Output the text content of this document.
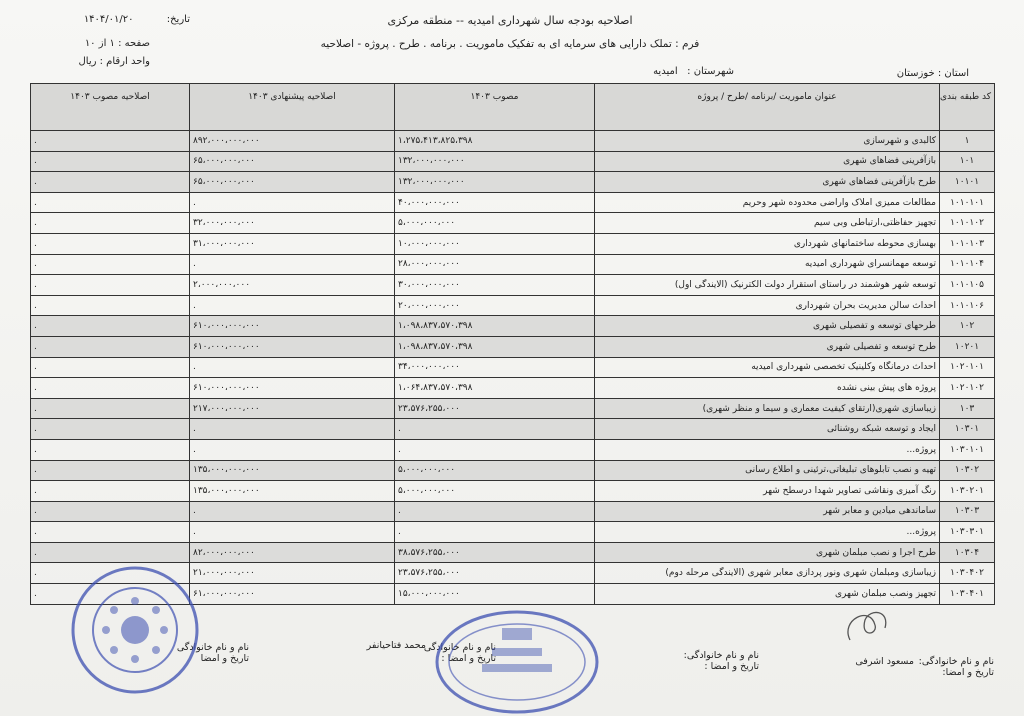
اصلاحیه بودجه سال شهرداری امیدیه -- منطقه مرکزی
فرم : تملک دارایی های سرمایه ای به تفکیک ماموریت . برنامه . طرح . پروژه - اصلاحیه
تاریخ: ۱۴۰۴/۰۱/۲۰
صفحه : ۱ از ۱۰
واحد ارقام : ریال
استان : خوزستان
شهرستان :   امیدیه
کد طبقه بندی	عنوان ماموریت /برنامه /طرح / پروژه	مصوب ۱۴۰۳	اصلاحیه پیشنهادی ۱۴۰۳	اصلاحیه مصوب ۱۴۰۳
۱	کالبدی و شهرسازی	۱،۲۷۵،۴۱۳،۸۲۵،۳۹۸	۸۹۲،۰۰۰،۰۰۰،۰۰۰	.
۱۰۱	بازآفرینی فضاهای شهری	۱۳۲،۰۰۰،۰۰۰،۰۰۰	۶۵،۰۰۰،۰۰۰،۰۰۰	.
۱۰۱۰۱	طرح بازآفرینی فضاهای شهری	۱۳۲،۰۰۰،۰۰۰،۰۰۰	۶۵،۰۰۰،۰۰۰،۰۰۰	.
۱۰۱۰۱۰۱	مطالعات ممیزی املاک واراضی محدوده شهر وحریم	۴۰،۰۰۰،۰۰۰،۰۰۰	.	.
۱۰۱۰۱۰۲	تجهیز حفاظتی،ارتباطی وبی سیم	۵،۰۰۰،۰۰۰،۰۰۰	۳۲،۰۰۰،۰۰۰،۰۰۰	.
۱۰۱۰۱۰۳	بهسازی محوطه ساختمانهای شهرداری	۱۰،۰۰۰،۰۰۰،۰۰۰	۳۱،۰۰۰،۰۰۰،۰۰۰	.
۱۰۱۰۱۰۴	توسعه مهمانسرای شهرداری امیدیه	۲۸،۰۰۰،۰۰۰،۰۰۰	.	.
۱۰۱۰۱۰۵	توسعه شهر هوشمند در راستای استقرار دولت الکترنیک (الایندگی اول)	۳۰،۰۰۰،۰۰۰،۰۰۰	۲،۰۰۰،۰۰۰،۰۰۰	.
۱۰۱۰۱۰۶	احداث سالن مدیریت بحران شهرداری	۲۰،۰۰۰،۰۰۰،۰۰۰	.	.
۱۰۲	طرحهای توسعه و تفصیلی شهری	۱،۰۹۸،۸۳۷،۵۷۰،۳۹۸	۶۱۰،۰۰۰،۰۰۰،۰۰۰	.
۱۰۲۰۱	طرح توسعه و تفصیلی شهری	۱،۰۹۸،۸۳۷،۵۷۰،۳۹۸	۶۱۰،۰۰۰،۰۰۰،۰۰۰	.
۱۰۲۰۱۰۱	احداث درمانگاه وکلینیک تخصصی شهرداری امیدیه	۳۴،۰۰۰،۰۰۰،۰۰۰	.	.
۱۰۲۰۱۰۲	پروژه های پیش بینی نشده	۱،۰۶۴،۸۳۷،۵۷۰،۳۹۸	۶۱۰،۰۰۰،۰۰۰،۰۰۰	.
۱۰۳	زیباسازی شهری(ارتقای کیفیت معماری و سیما و منظر شهری)	۲۳،۵۷۶،۲۵۵،۰۰۰	۲۱۷،۰۰۰،۰۰۰،۰۰۰	.
۱۰۳۰۱	ایجاد و توسعه شبکه روشنائی	.	.	.
۱۰۳۰۱۰۱	پروژه...	.	.	.
۱۰۳۰۲	تهیه و نصب تابلوهای تبلیغاتی،ترئینی و اطلاع رسانی	۵،۰۰۰،۰۰۰،۰۰۰	۱۳۵،۰۰۰،۰۰۰،۰۰۰	.
۱۰۳۰۲۰۱	رنگ آمیزی ونقاشی تصاویر شهدا درسطح شهر	۵،۰۰۰،۰۰۰،۰۰۰	۱۳۵،۰۰۰،۰۰۰،۰۰۰	.
۱۰۳۰۳	ساماندهی میادین و معابر شهر	.	.	.
۱۰۳۰۳۰۱	پروژه...	.	.	.
۱۰۳۰۴	طرح اجرا و نصب مبلمان شهری	۳۸،۵۷۶،۲۵۵،۰۰۰	۸۲،۰۰۰،۰۰۰،۰۰۰	.
۱۰۳۰۴۰۲	زیباسازی ومبلمان شهری ونور پردازی معابر شهری (الایندگی مرحله دوم)	۲۳،۵۷۶،۲۵۵،۰۰۰	۲۱،۰۰۰،۰۰۰،۰۰۰	.
۱۰۳۰۴۰۱	تجهیز ونصب مبلمان شهری	۱۵،۰۰۰،۰۰۰،۰۰۰	۶۱،۰۰۰،۰۰۰،۰۰۰	.
نام و نام خانوادگی:
تاریخ و امضا:
مسعود اشرفی
نام و نام خانوادگی:
تاریخ و امضا :
نام و نام خانوادگی
تاریخ و امضا :
محمد فتاحیانفر
نام و نام خانوادگی
تاریخ و امضا
